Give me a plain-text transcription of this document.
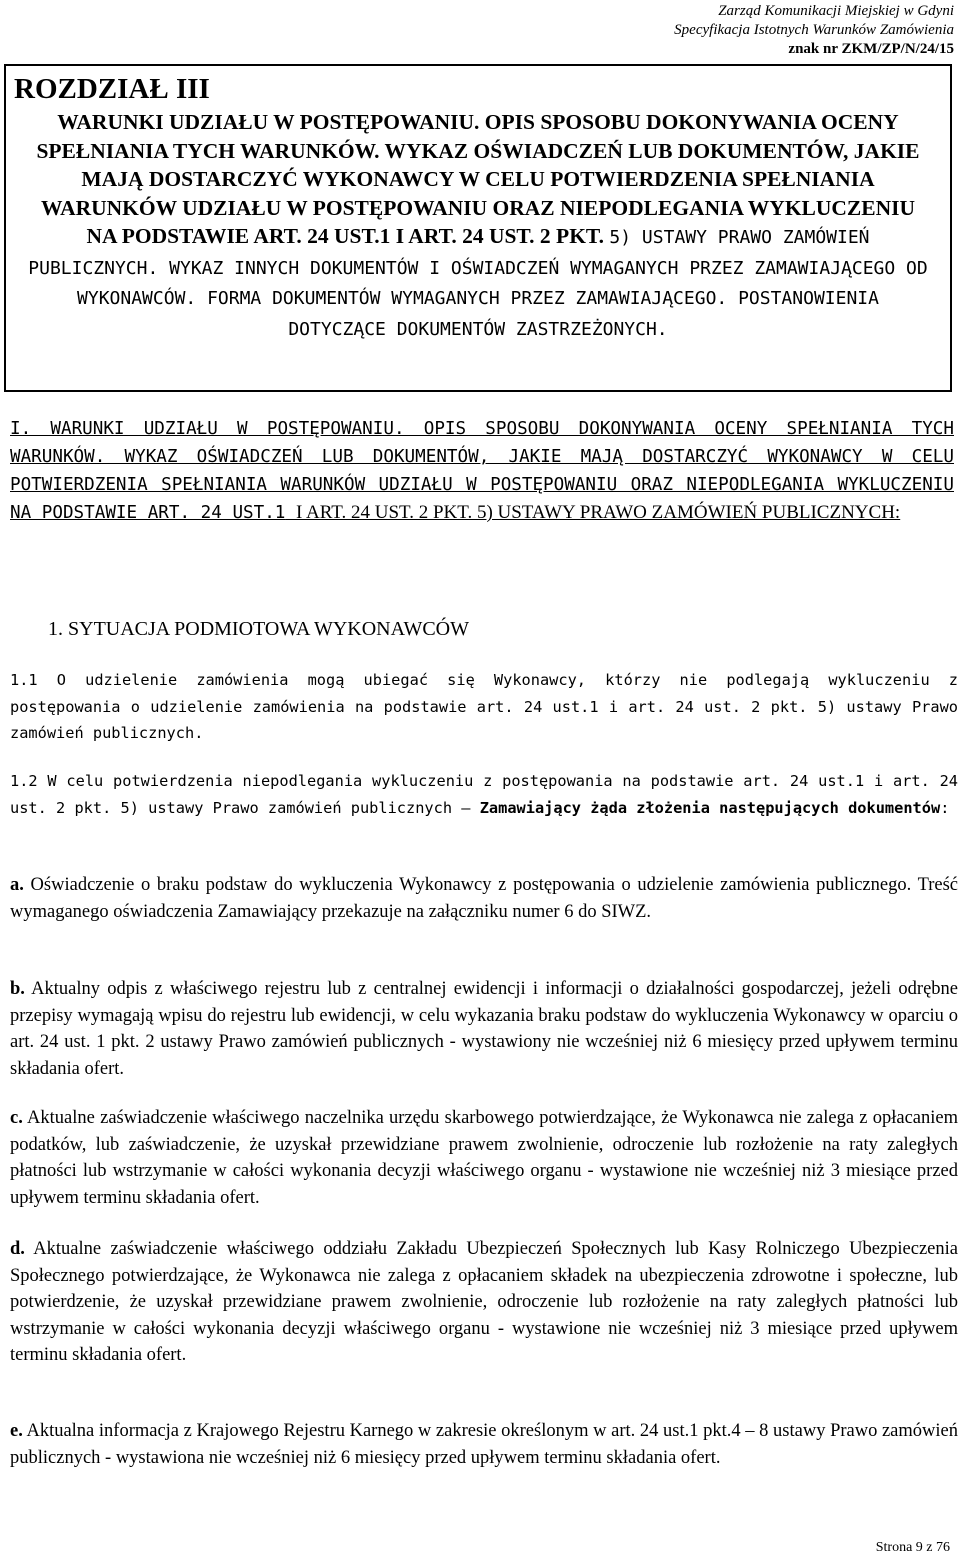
Zarząd Komunikacji Miejskiej w Gdyni
Specyfikacja Istotnych Warunków Zamówienia
znak nr ZKM/ZP/N/24/15
ROZDZIAŁ III
WARUNKI UDZIAŁU W POSTĘPOWANIU. OPIS SPOSOBU DOKONYWANIA OCENY SPEŁNIANIA TYCH WARUNKÓW. WYKAZ OŚWIADCZEŃ LUB DOKUMENTÓW, JAKIE MAJĄ DOSTARCZYĆ WYKONAWCY W CELU POTWIERDZENIA SPEŁNIANIA WARUNKÓW UDZIAŁU W POSTĘPOWANIU ORAZ NIEPODLEGANIA WYKLUCZENIU NA PODSTAWIE ART. 24 UST.1 I ART. 24 UST. 2 PKT. 5) USTAWY PRAWO ZAMÓWIEŃ PUBLICZNYCH. WYKAZ INNYCH DOKUMENTÓW I OŚWIADCZEŃ WYMAGANYCH PRZEZ ZAMAWIAJĄCEGO OD WYKONAWCÓW. FORMA DOKUMENTÓW WYMAGANYCH PRZEZ ZAMAWIAJĄCEGO. POSTANOWIENIA DOTYCZĄCE DOKUMENTÓW ZASTRZEŻONYCH.
I. WARUNKI UDZIAŁU W POSTĘPOWANIU. OPIS SPOSOBU DOKONYWANIA OCENY SPEŁNIANIA TYCH WARUNKÓW. WYKAZ OŚWIADCZEŃ LUB DOKUMENTÓW, JAKIE MAJĄ DOSTARCZYĆ WYKONAWCY W CELU POTWIERDZENIA SPEŁNIANIA WARUNKÓW UDZIAŁU W POSTĘPOWANIU ORAZ NIEPODLEGANIA WYKLUCZENIU NA PODSTAWIE ART. 24 UST.1 I ART. 24 UST. 2 PKT. 5) USTAWY PRAWO ZAMÓWIEŃ PUBLICZNYCH:
1. SYTUACJA PODMIOTOWA WYKONAWCÓW
1.1 O udzielenie zamówienia mogą ubiegać się Wykonawcy, którzy nie podlegają wykluczeniu z postępowania o udzielenie zamówienia na podstawie art. 24 ust.1 i art. 24 ust. 2 pkt. 5) ustawy Prawo zamówień publicznych.
1.2 W celu potwierdzenia niepodlegania wykluczeniu z postępowania na podstawie art. 24 ust.1 i art. 24 ust. 2 pkt. 5) ustawy Prawo zamówień publicznych – Zamawiający żąda złożenia następujących dokumentów:
a. Oświadczenie o braku podstaw do wykluczenia Wykonawcy z postępowania o udzielenie zamówienia publicznego. Treść wymaganego oświadczenia Zamawiający przekazuje na załączniku numer 6 do SIWZ.
b. Aktualny odpis z właściwego rejestru lub z centralnej ewidencji i informacji o działalności gospodarczej, jeżeli odrębne przepisy wymagają wpisu do rejestru lub ewidencji, w celu wykazania braku podstaw do wykluczenia Wykonawcy w oparciu o art. 24 ust. 1 pkt. 2 ustawy Prawo zamówień publicznych - wystawiony nie wcześniej niż 6 miesięcy przed upływem terminu składania ofert.
c. Aktualne zaświadczenie właściwego naczelnika urzędu skarbowego potwierdzające, że Wykonawca nie zalega z opłacaniem podatków, lub zaświadczenie, że uzyskał przewidziane prawem zwolnienie, odroczenie lub rozłożenie na raty zaległych płatności lub wstrzymanie w całości wykonania decyzji właściwego organu - wystawione nie wcześniej niż 3 miesiące przed upływem terminu składania ofert.
d. Aktualne zaświadczenie właściwego oddziału Zakładu Ubezpieczeń Społecznych lub Kasy Rolniczego Ubezpieczenia Społecznego potwierdzające, że Wykonawca nie zalega z opłacaniem składek na ubezpieczenia zdrowotne i społeczne, lub potwierdzenie, że uzyskał przewidziane prawem zwolnienie, odroczenie lub rozłożenie na raty zaległych płatności lub wstrzymanie w całości wykonania decyzji właściwego organu - wystawione nie wcześniej niż 3 miesiące przed upływem terminu składania ofert.
e. Aktualna informacja z Krajowego Rejestru Karnego w zakresie określonym w art. 24 ust.1 pkt.4 – 8 ustawy Prawo zamówień publicznych - wystawiona nie wcześniej niż 6 miesięcy przed upływem terminu składania ofert.
Strona 9 z 76
